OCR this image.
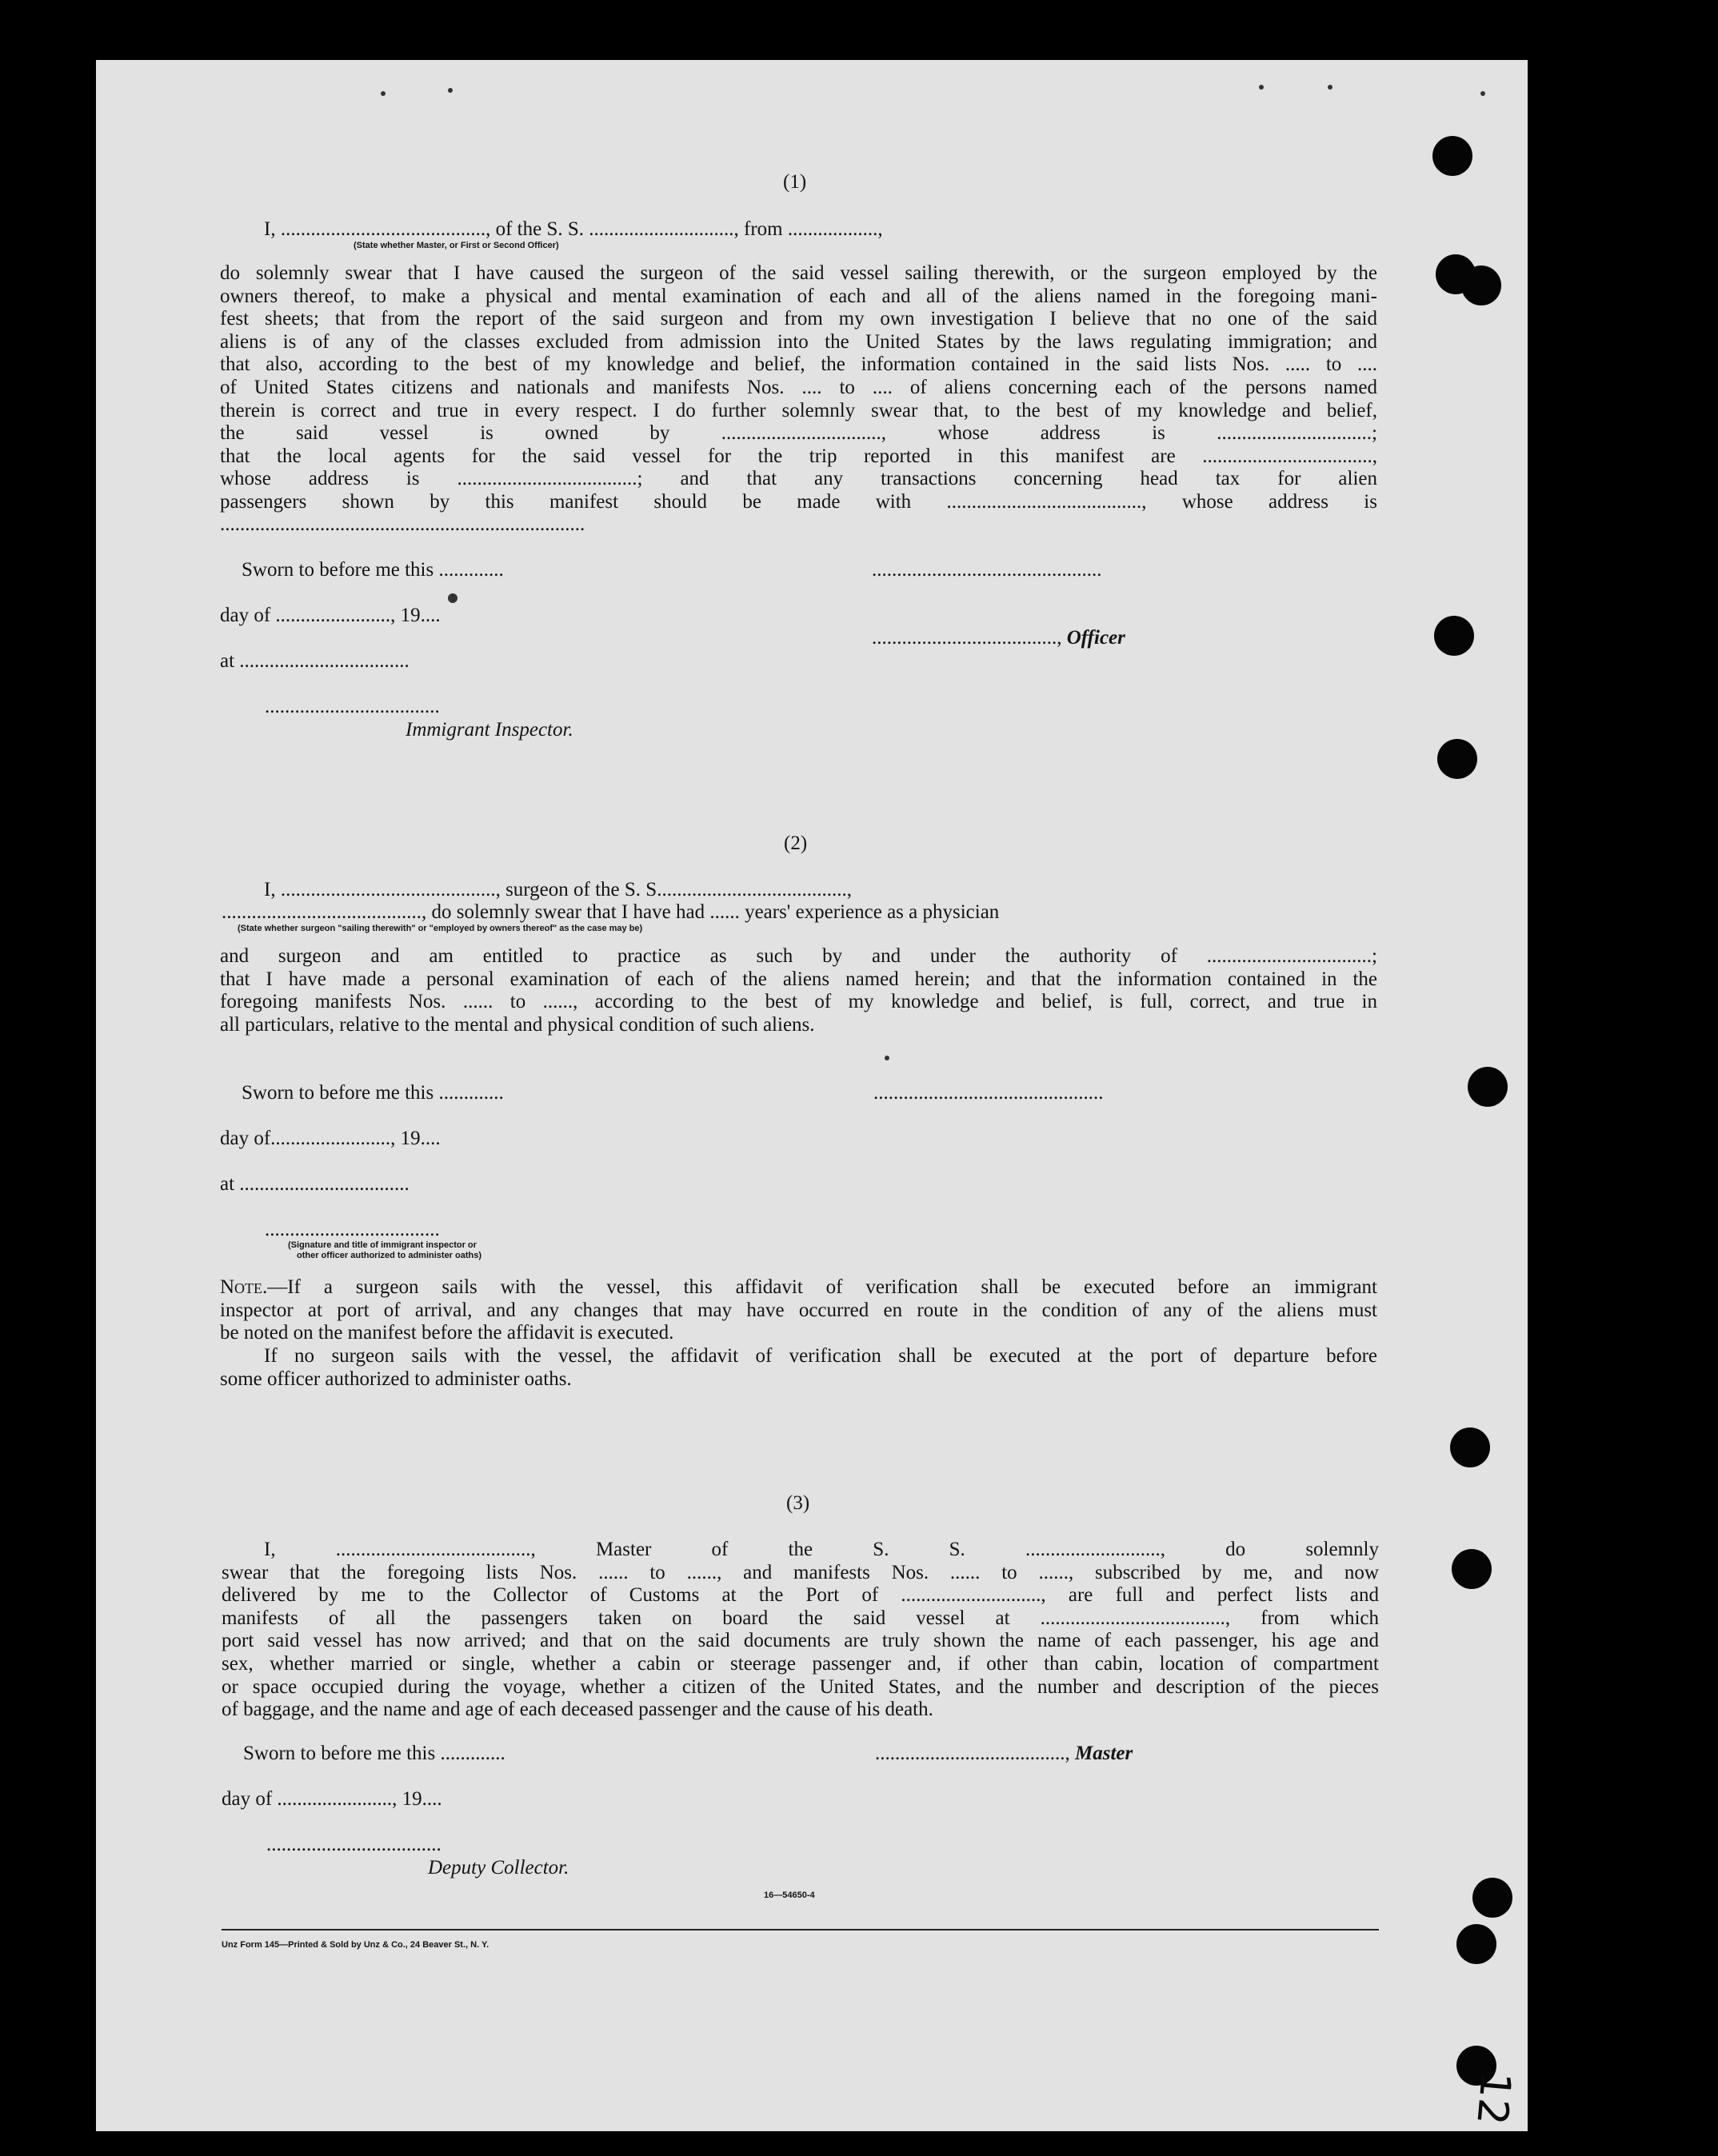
(1)
I, ........................................., of the S. S. ............................., from ..................,
(State whether Master, or First or Second Officer)
do solemnly swear that I have caused the surgeon of the said vessel sailing therewith, or the surgeon employed by the
owners thereof, to make a physical and mental examination of each and all of the aliens named in the foregoing mani-
fest sheets; that from the report of the said surgeon and from my own investigation I believe that no one of the said
aliens is of any of the classes excluded from admission into the United States by the laws regulating immigration; and
that also, according to the best of my knowledge and belief, the information contained in the said lists Nos. ..... to ....
of United States citizens and nationals and manifests Nos. .... to .... of aliens concerning each of the persons named
therein is correct and true in every respect. I do further solemnly swear that, to the best of my knowledge and belief,
the said vessel is owned by ................................, whose address is ...............................;
that the local agents for the said vessel for the trip reported in this manifest are ..................................,
whose address is ....................................; and that any transactions concerning head tax for alien
passengers shown by this manifest should be made with ......................................., whose address is
.........................................................................
Sworn to before me this .............	..............................................
day of ......................., 19....
....................................., Officer
at ..................................
...................................
Immigrant Inspector.
(2)
I, ..........................................., surgeon of the S. S......................................,
........................................, do solemnly swear that I have had ...... years' experience as a physician
(State whether surgeon "sailing therewith" or "employed by owners thereof" as the case may be)
and surgeon and am entitled to practice as such by and under the authority of .................................;
that I have made a personal examination of each of the aliens named herein; and that the information contained in the
foregoing manifests Nos. ...... to ......, according to the best of my knowledge and belief, is full, correct, and true in
all particulars, relative to the mental and physical condition of such aliens.
Sworn to before me this .............	..............................................
day of........................, 19....
at ..................................
...................................
(Signature and title of immigrant inspector or
other officer authorized to administer oaths)
Note.—If a surgeon sails with the vessel, this affidavit of verification shall be executed before an immigrant
inspector at port of arrival, and any changes that may have occurred en route in the condition of any of the aliens must
be noted on the manifest before the affidavit is executed.
If no surgeon sails with the vessel, the affidavit of verification shall be executed at the port of departure before
some officer authorized to administer oaths.
(3)
I, ......................................., Master of the S. S. ..........................., do solemnly
swear that the foregoing lists Nos. ...... to ......, and manifests Nos. ...... to ......, subscribed by me, and now
delivered by me to the Collector of Customs at the Port of ............................, are full and perfect lists and
manifests of all the passengers taken on board the said vessel at ....................................., from which
port said vessel has now arrived; and that on the said documents are truly shown the name of each passenger, his age and
sex, whether married or single, whether a cabin or steerage passenger and, if other than cabin, location of compartment
or space occupied during the voyage, whether a citizen of the United States, and the number and description of the pieces
of baggage, and the name and age of each deceased passenger and the cause of his death.
Sworn to before me this .............	......................................, Master
day of ......................., 19....
...................................
Deputy Collector.
16—54650-4
Unz Form 145—Printed & Sold by Unz & Co., 24 Beaver St., N. Y.
12
